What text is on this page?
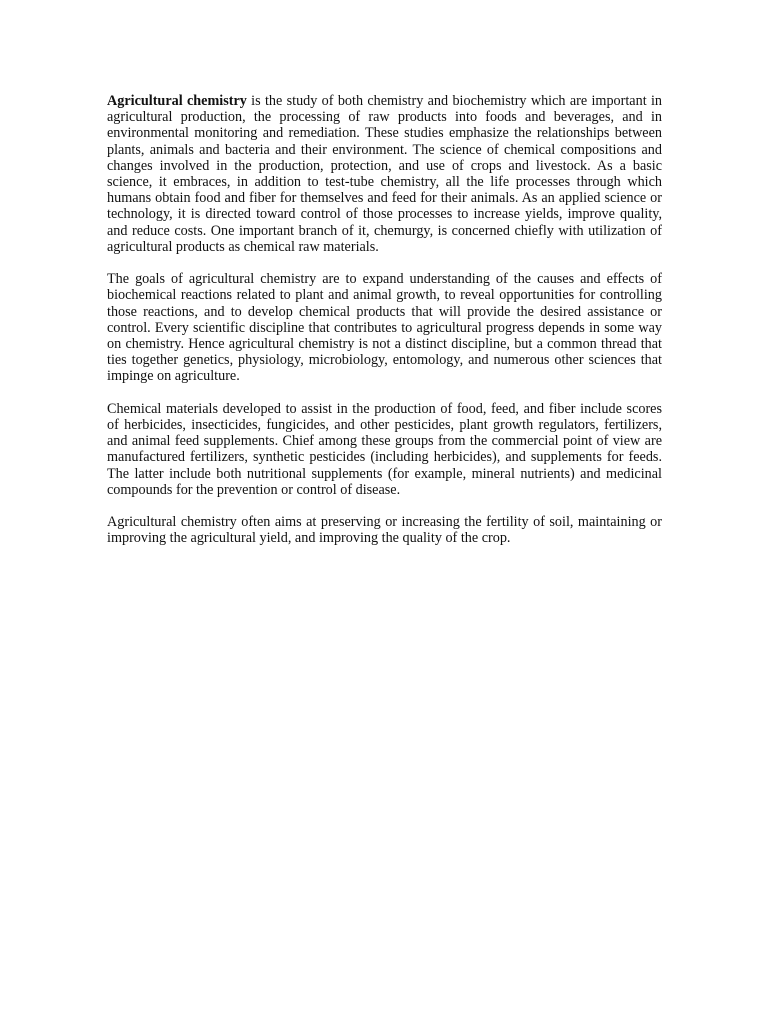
Agricultural chemistry is the study of both chemistry and biochemistry which are important in agricultural production, the processing of raw products into foods and beverages, and in environmental monitoring and remediation. These studies emphasize the relationships between plants, animals and bacteria and their environment. The science of chemical compositions and changes involved in the production, protection, and use of crops and livestock. As a basic science, it embraces, in addition to test-tube chemistry, all the life processes through which humans obtain food and fiber for themselves and feed for their animals. As an applied science or technology, it is directed toward control of those processes to increase yields, improve quality, and reduce costs. One important branch of it, chemurgy, is concerned chiefly with utilization of agricultural products as chemical raw materials.

The goals of agricultural chemistry are to expand understanding of the causes and effects of biochemical reactions related to plant and animal growth, to reveal opportunities for controlling those reactions, and to develop chemical products that will provide the desired assistance or control. Every scientific discipline that contributes to agricultural progress depends in some way on chemistry. Hence agricultural chemistry is not a distinct discipline, but a common thread that ties together genetics, physiology, microbiology, entomology, and numerous other sciences that impinge on agriculture.

Chemical materials developed to assist in the production of food, feed, and fiber include scores of herbicides, insecticides, fungicides, and other pesticides, plant growth regulators, fertilizers, and animal feed supplements. Chief among these groups from the commercial point of view are manufactured fertilizers, synthetic pesticides (including herbicides), and supplements for feeds. The latter include both nutritional supplements (for example, mineral nutrients) and medicinal compounds for the prevention or control of disease.

Agricultural chemistry often aims at preserving or increasing the fertility of soil, maintaining or improving the agricultural yield, and improving the quality of the crop.
